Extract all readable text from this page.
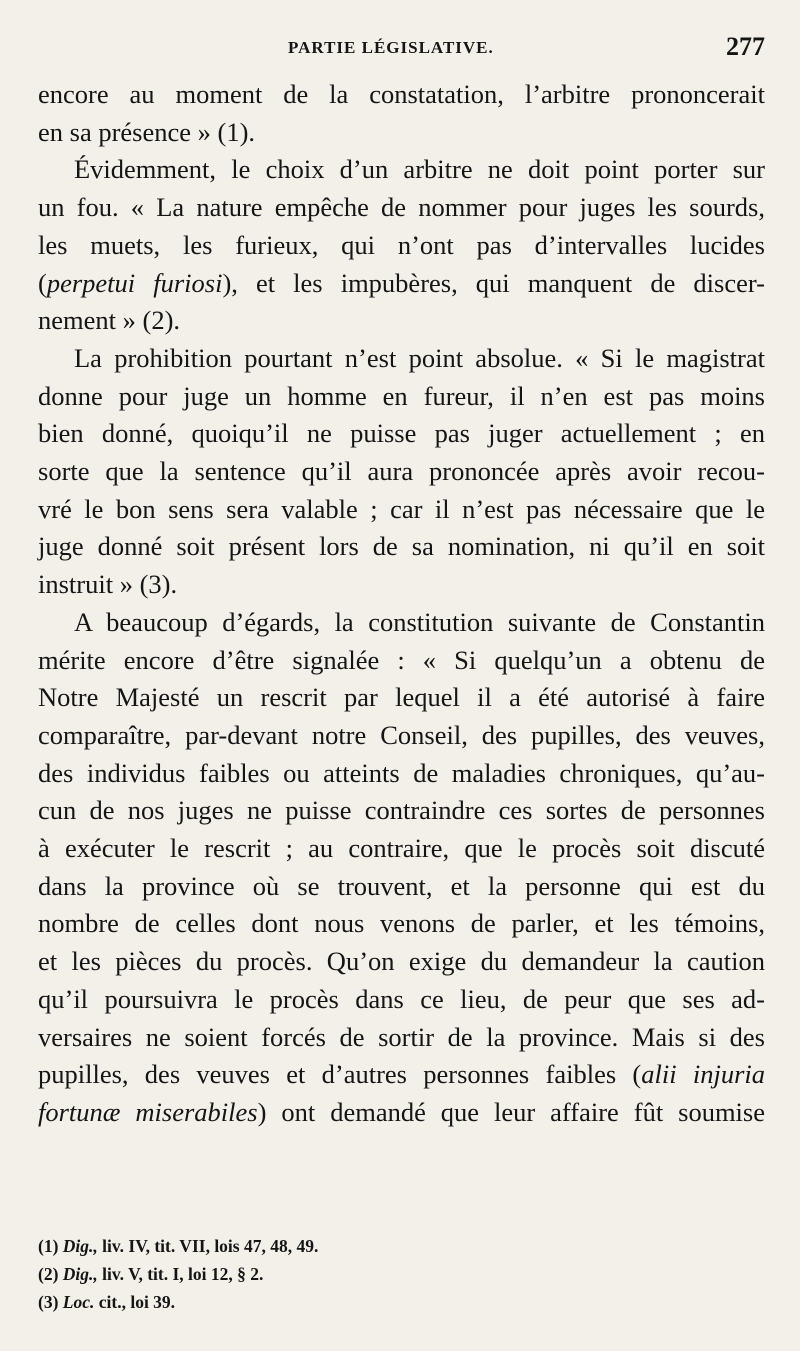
PARTIE LÉGISLATIVE.	277

encore au moment de la constatation, l’arbitre prononcerait
en sa présence » (1).

Évidemment, le choix d’un arbitre ne doit point porter sur
un fou. « La nature empêche de nommer pour juges les sourds,
les muets, les furieux, qui n’ont pas d’intervalles lucides
(perpetui furiosi), et les impubères, qui manquent de discer-
nement » (2).

La prohibition pourtant n’est point absolue. « Si le magistrat
donne pour juge un homme en fureur, il n’en est pas moins
bien donné, quoiqu’il ne puisse pas juger actuellement ; en
sorte que la sentence qu’il aura prononcée après avoir recou-
vré le bon sens sera valable ; car il n’est pas nécessaire que le
juge donné soit présent lors de sa nomination, ni qu’il en soit
instruit » (3).

A beaucoup d’égards, la constitution suivante de Constantin
mérite encore d’être signalée : « Si quelqu’un a obtenu de
Notre Majesté un rescrit par lequel il a été autorisé à faire
comparaître, par-devant notre Conseil, des pupilles, des veuves,
des individus faibles ou atteints de maladies chroniques, qu’au-
cun de nos juges ne puisse contraindre ces sortes de personnes
à exécuter le rescrit ; au contraire, que le procès soit discuté
dans la province où se trouvent, et la personne qui est du
nombre de celles dont nous venons de parler, et les témoins,
et les pièces du procès. Qu’on exige du demandeur la caution
qu’il poursuivra le procès dans ce lieu, de peur que ses ad-
versaires ne soient forcés de sortir de la province. Mais si des
pupilles, des veuves et d’autres personnes faibles (alii injuria
fortunæ miserabiles) ont demandé que leur affaire fût soumise

(1) Dig., liv. IV, tit. VII, lois 47, 48, 49.
(2) Dig., liv. V, tit. I, loi 12, § 2.
(3) Loc. cit., loi 39.
